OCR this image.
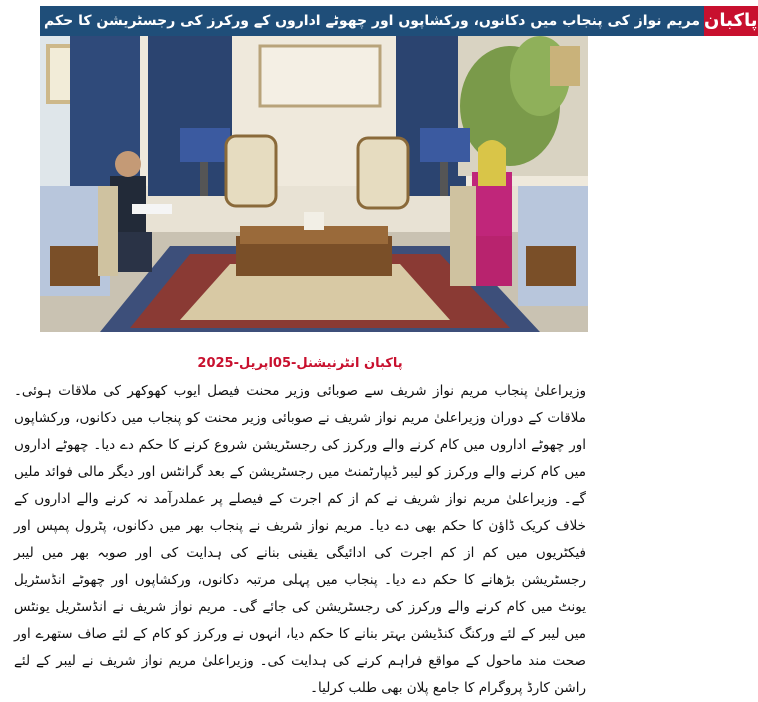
مریم نواز کی پنجاب میں دکانوں، ورکشاپوں اور چھوٹے اداروں کے ورکرز کی رجسٹریشن کا حکم پاکبان
پاکبان انٹرنیشنل-05اپریل-2025
وزیراعلیٰ پنجاب مریم نواز شریف سے صوبائی وزیر محنت فیصل ایوب کھوکھر کی ملاقات ہوئی۔ ملاقات کے دوران وزیراعلیٰ مریم نواز شریف نے صوبائی وزیر محنت کو پنجاب میں دکانوں، ورکشاپوں اور چھوٹے اداروں میں کام کرنے والے ورکرز کی رجسٹریشن شروع کرنے کا حکم دے دیا۔ چھوٹے اداروں میں کام کرنے والے ورکرز کو لیبر ڈیپارٹمنٹ میں رجسٹریشن کے بعد گرانٹس اور دیگر مالی فوائد ملیں گے۔ وزیراعلیٰ مریم نواز شریف نے کم از کم اجرت کے فیصلے پر عملدرآمد نہ کرنے والے اداروں کے خلاف کریک ڈاؤن کا حکم بھی دے دیا۔ مریم نواز شریف نے پنجاب بھر میں دکانوں، پٹرول پمپس اور فیکٹریوں میں کم از کم اجرت کی ادائیگی یقینی بنانے کی ہدایت کی اور صوبہ بھر میں لیبر رجسٹریشن بڑھانے کا حکم دے دیا۔ پنجاب میں پہلی مرتبہ دکانوں، ورکشاپوں اور چھوٹے انڈسٹریل یونٹ میں کام کرنے والے ورکرز کی رجسٹریشن کی جائے گی۔ مریم نواز شریف نے انڈسٹریل یونٹس میں لیبر کے لئے ورکنگ کنڈیشن بہتر بنانے کا حکم دیا، انہوں نے ورکرز کو کام کے لئے صاف ستھرے اور صحت مند ماحول کے مواقع فراہم کرنے کی ہدایت کی۔ وزیراعلیٰ مریم نواز شریف نے لیبر کے لئے راشن کارڈ پروگرام کا جامع پلان بھی طلب کرلیا۔
